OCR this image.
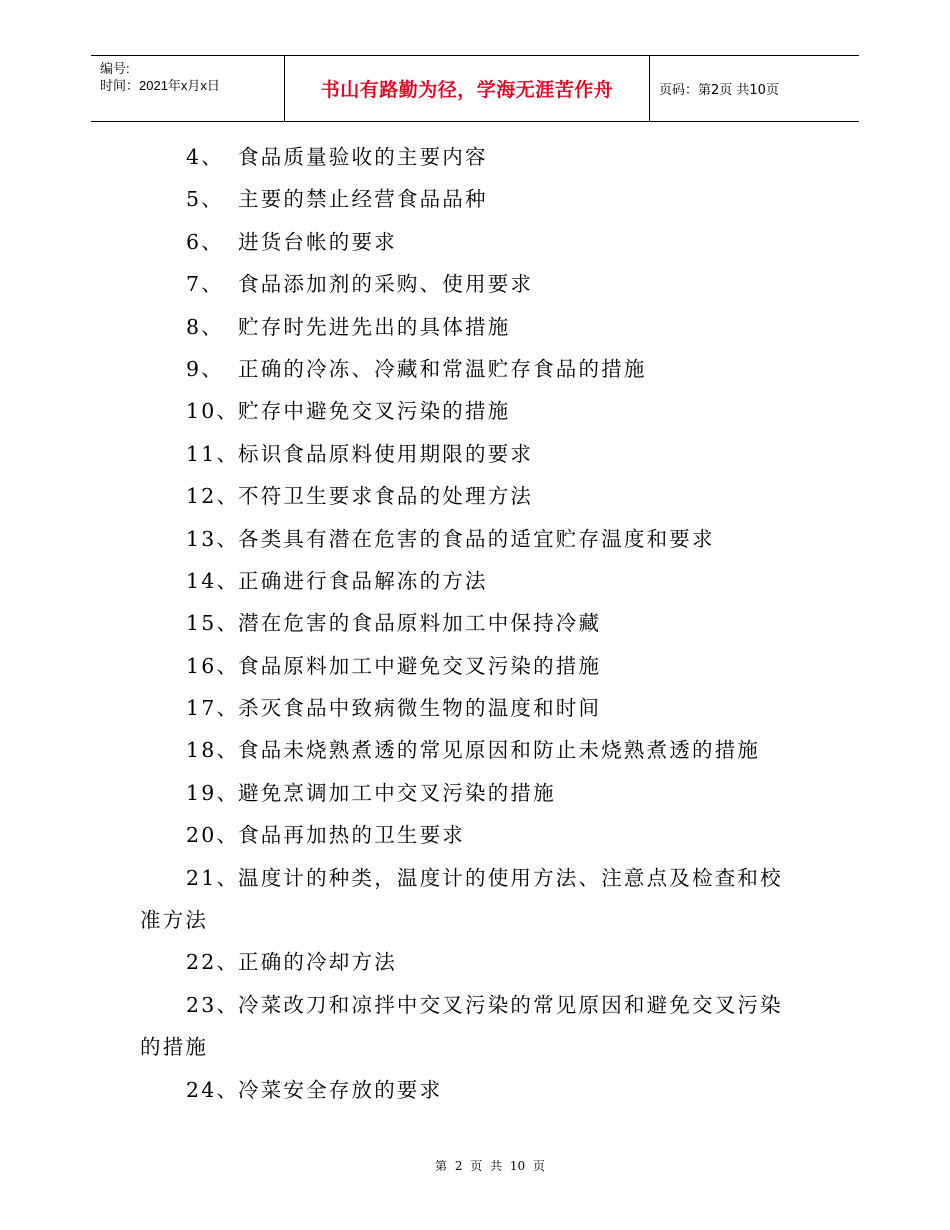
编号:
时间：2021年x月x日	书山有路勤为径，学海无涯苦作舟	页码：第2页 共10页
4、 食品质量验收的主要内容
5、 主要的禁止经营食品品种
6、 进货台帐的要求
7、 食品添加剂的采购、使用要求
8、 贮存时先进先出的具体措施
9、 正确的冷冻、冷藏和常温贮存食品的措施
10、
贮存中避免交叉污染的措施
11、
标识食品原料使用期限的要求
12、
不符卫生要求食品的处理方法
13、
各类具有潜在危害的食品的适宜贮存温度和要求
14、
正确进行食品解冻的方法
15、
潜在危害的食品原料加工中保持冷藏
16、
食品原料加工中避免交叉污染的措施
17、
杀灭食品中致病微生物的温度和时间
18、
食品未烧熟煮透的常见原因和防止未烧熟煮透的措施
19、
避免烹调加工中交叉污染的措施
20、
食品再加热的卫生要求
21、
温度计的种类，温度计的使用方法、注意点及检查和校
准方法
22、
正确的冷却方法
23、
冷菜改刀和凉拌中交叉污染的常见原因和避免交叉污染
的措施
24、
冷菜安全存放的要求
第 2 页 共 10 页
